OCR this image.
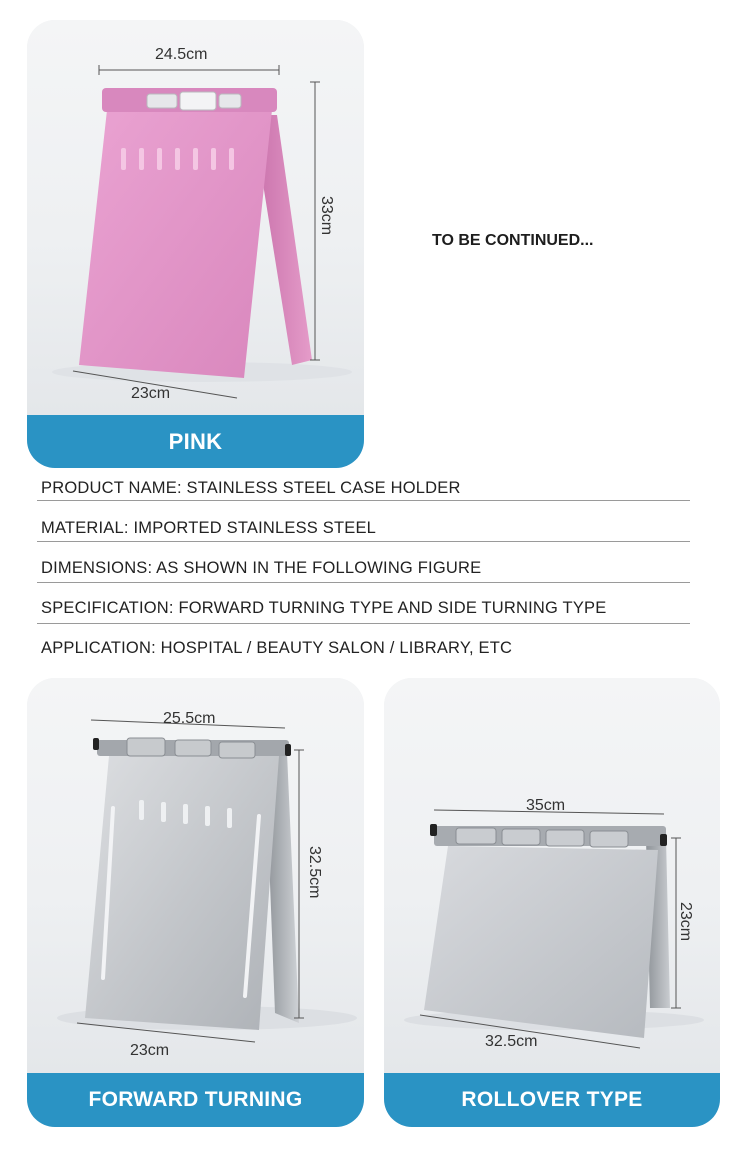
24.5cm
33cm
23cm
PINK
TO BE CONTINUED...
PRODUCT NAME: STAINLESS STEEL CASE HOLDER
MATERIAL: IMPORTED STAINLESS STEEL
DIMENSIONS: AS SHOWN IN THE FOLLOWING FIGURE
SPECIFICATION: FORWARD TURNING TYPE AND SIDE TURNING TYPE
APPLICATION: HOSPITAL / BEAUTY SALON / LIBRARY, ETC
25.5cm
32.5cm
23cm
FORWARD TURNING
35cm
23cm
32.5cm
ROLLOVER TYPE
